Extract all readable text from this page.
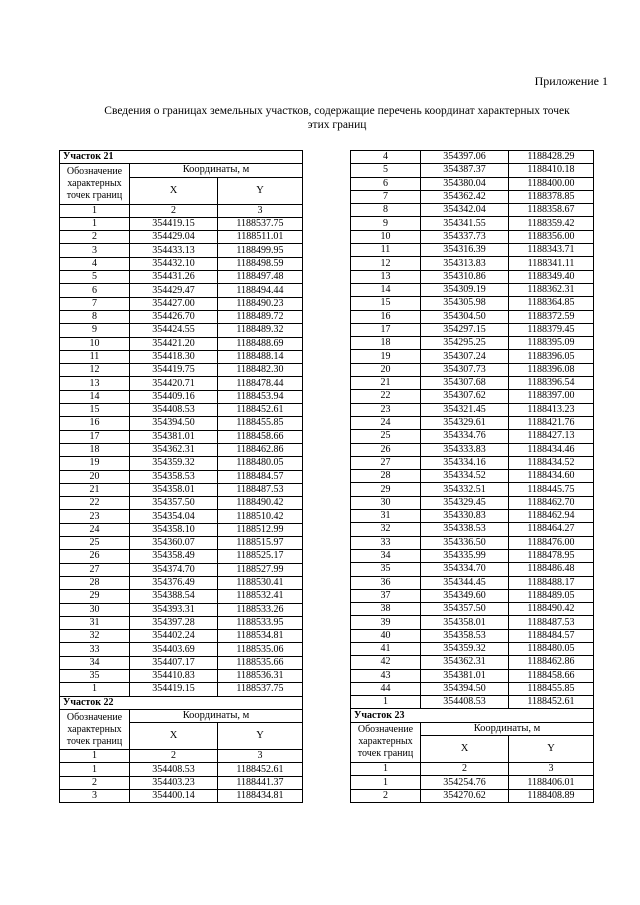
Приложение 1
Сведения о границах земельных участков, содержащие перечень координат характерных точек
этих границ
Участок 21		

Обозначение
характерных
точек границ	Координаты, м	
	X	Y
1	2	3
1	354419.15	1188537.75
2	354429.04	1188511.01
3	354433.13	1188499.95
4	354432.10	1188498.59
5	354431.26	1188497.48
6	354429.47	1188494.44
7	354427.00	1188490.23
8	354426.70	1188489.72
9	354424.55	1188489.32
10	354421.20	1188488.69
11	354418.30	1188488.14
12	354419.75	1188482.30
13	354420.71	1188478.44
14	354409.16	1188453.94
15	354408.53	1188452.61
16	354394.50	1188455.85
17	354381.01	1188458.66
18	354362.31	1188462.86
19	354359.32	1188480.05
20	354358.53	1188484.57
21	354358.01	1188487.53
22	354357.50	1188490.42
23	354354.04	1188510.42
24	354358.10	1188512.99
25	354360.07	1188515.97
26	354358.49	1188525.17
27	354374.70	1188527.99
28	354376.49	1188530.41
29	354388.54	1188532.41
30	354393.31	1188533.26
31	354397.28	1188533.95
32	354402.24	1188534.81
33	354403.69	1188535.06
34	354407.17	1188535.66
35	354410.83	1188536.31
1	354419.15	1188537.75
Участок 22		

Обозначение
характерных
точек границ	Координаты, м	
	X	Y
1	2	3
1	354408.53	1188452.61
2	354403.23	1188441.37
3	354400.14	1188434.81
4	354397.06	1188428.29
5	354387.37	1188410.18
6	354380.04	1188400.00
7	354362.42	1188378.85
8	354342.04	1188358.67
9	354341.55	1188359.42
10	354337.73	1188356.00
11	354316.39	1188343.71
12	354313.83	1188341.11
13	354310.86	1188349.40
14	354309.19	1188362.31
15	354305.98	1188364.85
16	354304.50	1188372.59
17	354297.15	1188379.45
18	354295.25	1188395.09
19	354307.24	1188396.05
20	354307.73	1188396.08
21	354307.68	1188396.54
22	354307.62	1188397.00
23	354321.45	1188413.23
24	354329.61	1188421.76
25	354334.76	1188427.13
26	354333.83	1188434.46
27	354334.16	1188434.52
28	354334.52	1188434.60
29	354332.51	1188445.75
30	354329.45	1188462.70
31	354330.83	1188462.94
32	354338.53	1188464.27
33	354336.50	1188476.00
34	354335.99	1188478.95
35	354334.70	1188486.48
36	354344.45	1188488.17
37	354349.60	1188489.05
38	354357.50	1188490.42
39	354358.01	1188487.53
40	354358.53	1188484.57
41	354359.32	1188480.05
42	354362.31	1188462.86
43	354381.01	1188458.66
44	354394.50	1188455.85
1	354408.53	1188452.61
Участок 23		

Обозначение
характерных
точек границ	Координаты, м	
	X	Y
1	2	3
1	354254.76	1188406.01
2	354270.62	1188408.89
